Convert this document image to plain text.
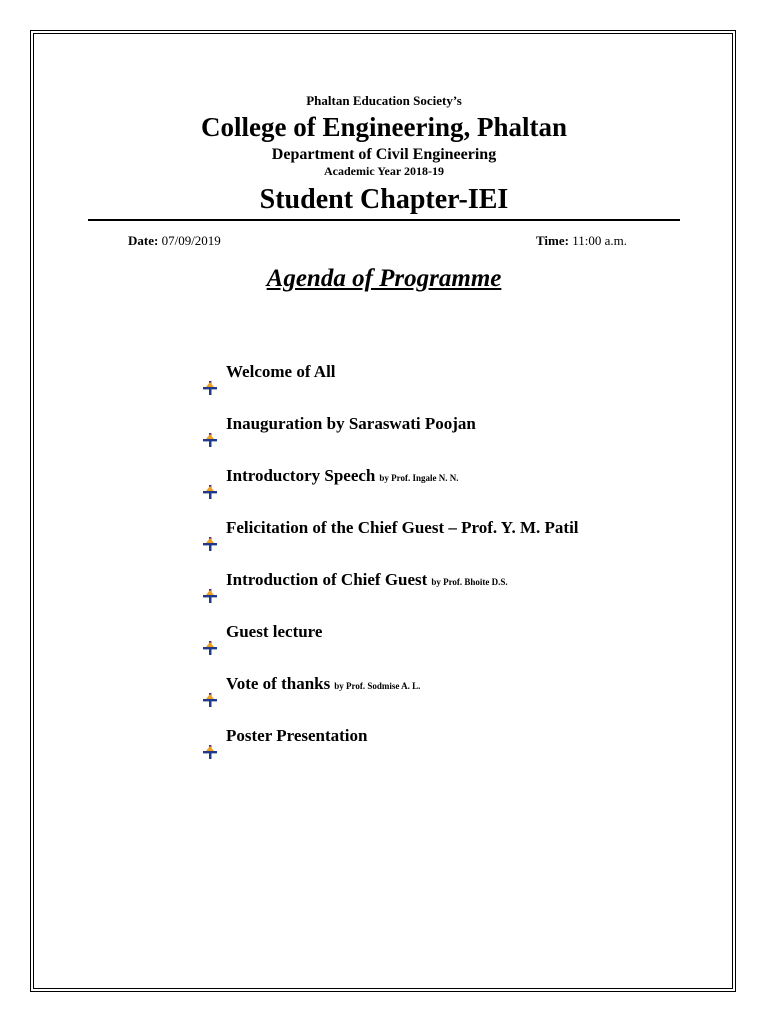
Phaltan Education Society’s
College of Engineering, Phaltan
Department of Civil Engineering
Academic Year 2018-19
Student Chapter-IEI
Date: 07/09/2019	Time: 11:00 a.m.
Agenda of Programme
Welcome of All
Inauguration by Saraswati Poojan
Introductory Speech by Prof. Ingale N. N.
Felicitation of the Chief Guest – Prof. Y. M. Patil
Introduction of Chief Guest by Prof. Bhoite D.S.
Guest lecture
Vote of thanks by Prof. Sodmise A. L.
Poster Presentation
